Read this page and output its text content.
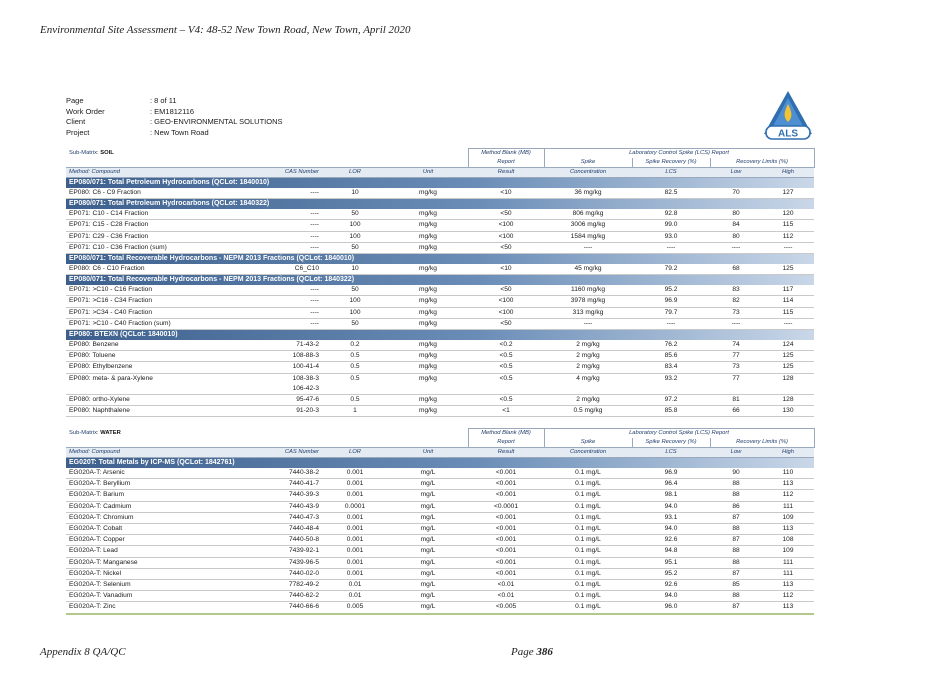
Environmental Site Assessment – V4: 48-52 New Town Road, New Town, April 2020
Page	: 8 of 11
Work Order	: EM1812116
Client	: GEO-ENVIRONMENTAL SOLUTIONS
Project	: New Town Road	ALS
Sub-Matrix: SOIL				Method Blank (MB)	Laboratory Control Spike (LCS) Report			
				Report	Spike	Spike Recovery (%)	Recovery Limits (%)	
Method: Compound	CAS Number	LOR	Unit	Result	Concentration	LCS	Low	High
EP080/071: Total Petroleum Hydrocarbons (QCLot: 1840010)								
EP080: C6 - C9 Fraction	----	10	mg/kg	<10	36 mg/kg	82.5	70	127
EP080/071: Total Petroleum Hydrocarbons (QCLot: 1840322)								
EP071: C10 - C14 Fraction	----	50	mg/kg	<50	806 mg/kg	92.8	80	120
EP071: C15 - C28 Fraction	----	100	mg/kg	<100	3006 mg/kg	99.0	84	115
EP071: C29 - C36 Fraction	----	100	mg/kg	<100	1584 mg/kg	93.0	80	112
EP071: C10 - C36 Fraction (sum)	----	50	mg/kg	<50	----	----	----	----
EP080/071: Total Recoverable Hydrocarbons - NEPM 2013 Fractions (QCLot: 1840010)								
EP080: C6 - C10 Fraction	C6_C10	10	mg/kg	<10	45 mg/kg	79.2	68	125
EP080/071: Total Recoverable Hydrocarbons - NEPM 2013 Fractions (QCLot: 1840322)								
EP071: >C10 - C16 Fraction	----	50	mg/kg	<50	1160 mg/kg	95.2	83	117
EP071: >C16 - C34 Fraction	----	100	mg/kg	<100	3978 mg/kg	96.9	82	114
EP071: >C34 - C40 Fraction	----	100	mg/kg	<100	313 mg/kg	79.7	73	115
EP071: >C10 - C40 Fraction (sum)	----	50	mg/kg	<50	----	----	----	----
EP080: BTEXN (QCLot: 1840010)								
EP080: Benzene	71-43-2	0.2	mg/kg	<0.2	2 mg/kg	76.2	74	124
EP080: Toluene	108-88-3	0.5	mg/kg	<0.5	2 mg/kg	85.6	77	125
EP080: Ethylbenzene	100-41-4	0.5	mg/kg	<0.5	2 mg/kg	83.4	73	125
EP080: meta- & para-Xylene	108-38-3
106-42-3	0.5	mg/kg	<0.5	4 mg/kg	93.2	77	128
EP080: ortho-Xylene	95-47-6	0.5	mg/kg	<0.5	2 mg/kg	97.2	81	128
EP080: Naphthalene	91-20-3	1	mg/kg	<1	0.5 mg/kg	85.8	66	130
Sub-Matrix: WATER				Method Blank (MB)	Laboratory Control Spike (LCS) Report			
				Report	Spike	Spike Recovery (%)	Recovery Limits (%)	
Method: Compound	CAS Number	LOR	Unit	Result	Concentration	LCS	Low	High
EG020T: Total Metals by ICP-MS (QCLot: 1842761)								
EG020A-T: Arsenic	7440-38-2	0.001	mg/L	<0.001	0.1 mg/L	96.9	90	110
EG020A-T: Beryllium	7440-41-7	0.001	mg/L	<0.001	0.1 mg/L	96.4	88	113
EG020A-T: Barium	7440-39-3	0.001	mg/L	<0.001	0.1 mg/L	98.1	88	112
EG020A-T: Cadmium	7440-43-9	0.0001	mg/L	<0.0001	0.1 mg/L	94.0	86	111
EG020A-T: Chromium	7440-47-3	0.001	mg/L	<0.001	0.1 mg/L	93.1	87	109
EG020A-T: Cobalt	7440-48-4	0.001	mg/L	<0.001	0.1 mg/L	94.0	88	113
EG020A-T: Copper	7440-50-8	0.001	mg/L	<0.001	0.1 mg/L	92.6	87	108
EG020A-T: Lead	7439-92-1	0.001	mg/L	<0.001	0.1 mg/L	94.8	88	109
EG020A-T: Manganese	7439-96-5	0.001	mg/L	<0.001	0.1 mg/L	95.1	88	111
EG020A-T: Nickel	7440-02-0	0.001	mg/L	<0.001	0.1 mg/L	95.2	87	111
EG020A-T: Selenium	7782-49-2	0.01	mg/L	<0.01	0.1 mg/L	92.6	85	113
EG020A-T: Vanadium	7440-62-2	0.01	mg/L	<0.01	0.1 mg/L	94.0	88	112
EG020A-T: Zinc	7440-66-6	0.005	mg/L	<0.005	0.1 mg/L	96.0	87	113

Appendix 8 QA/QC	Page 386
